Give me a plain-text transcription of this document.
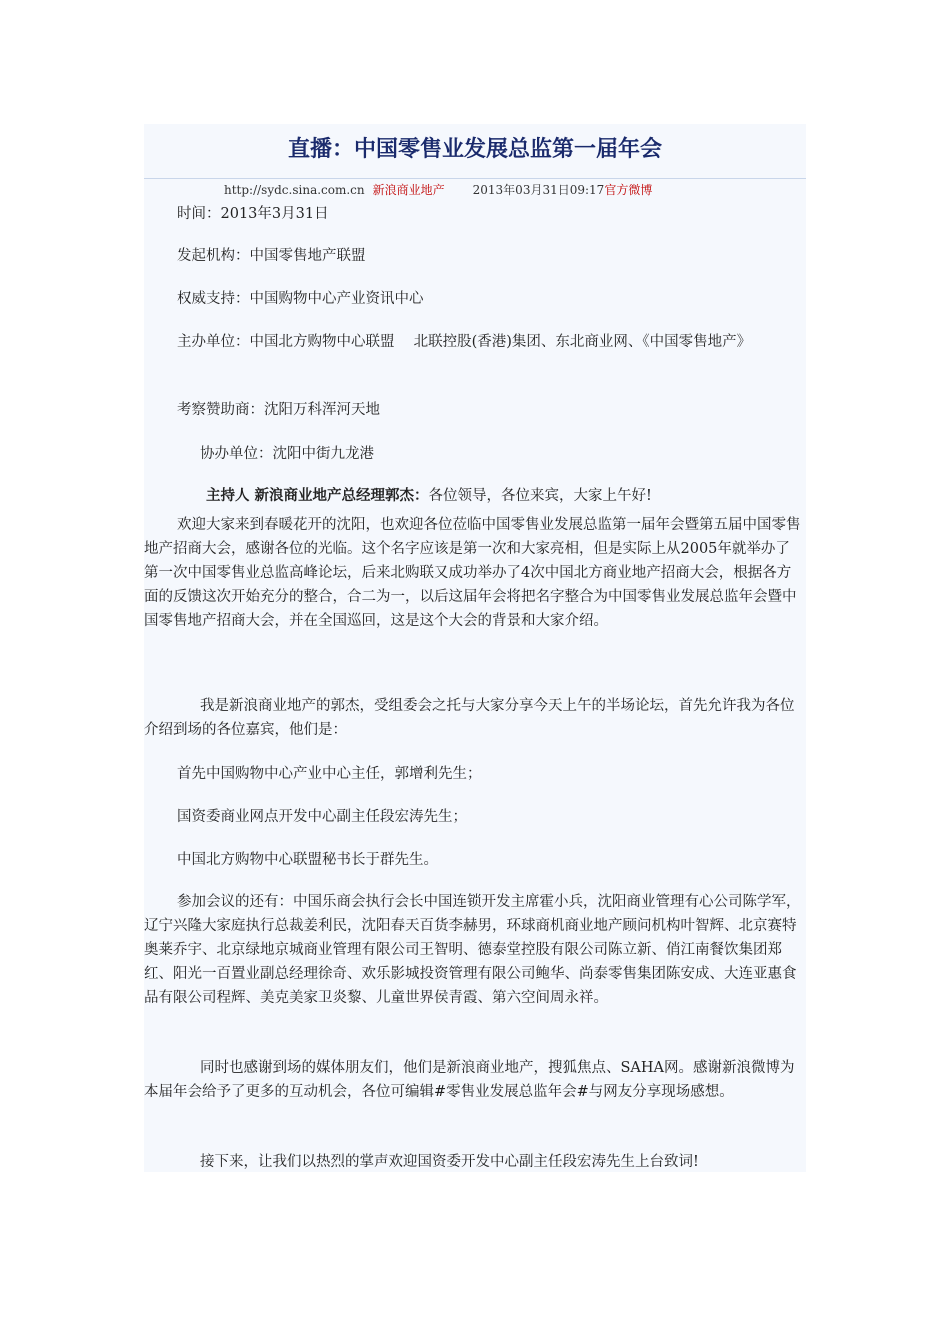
直播：中国零售业发展总监第一届年会
http://sydc.sina.com.cn 新浪商业地产 2013年03月31日09:17官方微博

时间：2013年3月31日

发起机构：中国零售地产联盟

权威支持：中国购物中心产业资讯中心

主办单位：中国北方购物中心联盟　 北联控股(香港)集团、东北商业网、《中国零售地产》

考察赞助商：沈阳万科浑河天地

协办单位：沈阳中街九龙港

主持人 新浪商业地产总经理郭杰：各位领导，各位来宾，大家上午好!

欢迎大家来到春暖花开的沈阳，也欢迎各位莅临中国零售业发展总监第一届年会暨第五届中国零售地产招商大会，感谢各位的光临。这个名字应该是第一次和大家亮相，但是实际上从2005年就举办了第一次中国零售业总监高峰论坛，后来北购联又成功举办了4次中国北方商业地产招商大会，根据各方面的反馈这次开始充分的整合，合二为一，以后这届年会将把名字整合为中国零售业发展总监年会暨中国零售地产招商大会，并在全国巡回，这是这个大会的背景和大家介绍。

我是新浪商业地产的郭杰，受组委会之托与大家分享今天上午的半场论坛，首先允许我为各位介绍到场的各位嘉宾，他们是：

首先中国购物中心产业中心主任，郭增利先生；

国资委商业网点开发中心副主任段宏涛先生；

中国北方购物中心联盟秘书长于群先生。

参加会议的还有：中国乐商会执行会长中国连锁开发主席霍小兵，沈阳商业管理有心公司陈学军，辽宁兴隆大家庭执行总裁姜利民，沈阳春天百货李赫男，环球商机商业地产顾问机构叶智辉、北京赛特奥莱乔宇、北京绿地京城商业管理有限公司王智明、德泰堂控股有限公司陈立新、俏江南餐饮集团郑红、阳光一百置业副总经理徐奇、欢乐影城投资管理有限公司鲍华、尚泰零售集团陈安成、大连亚惠食品有限公司程辉、美克美家卫炎黎、儿童世界侯青霞、第六空间周永祥。

同时也感谢到场的媒体朋友们，他们是新浪商业地产，搜狐焦点、SAHA网。感谢新浪微博为本届年会给予了更多的互动机会，各位可编辑#零售业发展总监年会#与网友分享现场感想。

接下来，让我们以热烈的掌声欢迎国资委开发中心副主任段宏涛先生上台致词!
